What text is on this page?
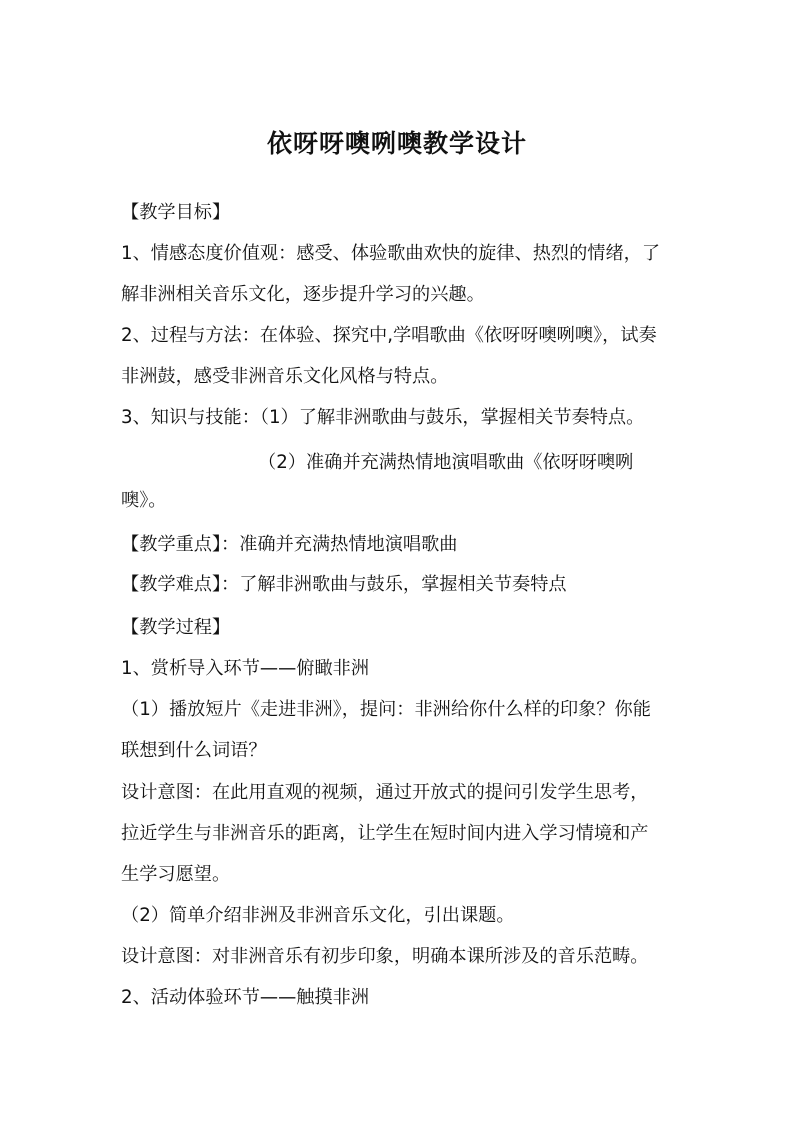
依呀呀噢咧噢教学设计

【教学目标】

1、情感态度价值观：感受、体验歌曲欢快的旋律、热烈的情绪，了

解非洲相关音乐文化，逐步提升学习的兴趣。

2、过程与方法：在体验、探究中,学唱歌曲《依呀呀噢咧噢》，试奏

非洲鼓，感受非洲音乐文化风格与特点。

3、知识与技能：（1）了解非洲歌曲与鼓乐，掌握相关节奏特点。

（2）准确并充满热情地演唱歌曲《依呀呀噢咧

噢》。

【教学重点】：准确并充满热情地演唱歌曲

【教学难点】：了解非洲歌曲与鼓乐，掌握相关节奏特点

【教学过程】

1、赏析导入环节——俯瞰非洲

（1）播放短片《走进非洲》，提问：非洲给你什么样的印象？你能

联想到什么词语？

设计意图：在此用直观的视频，通过开放式的提问引发学生思考，

拉近学生与非洲音乐的距离，让学生在短时间内进入学习情境和产

生学习愿望。

（2）简单介绍非洲及非洲音乐文化，引出课题。

设计意图：对非洲音乐有初步印象，明确本课所涉及的音乐范畴。

2、活动体验环节——触摸非洲
